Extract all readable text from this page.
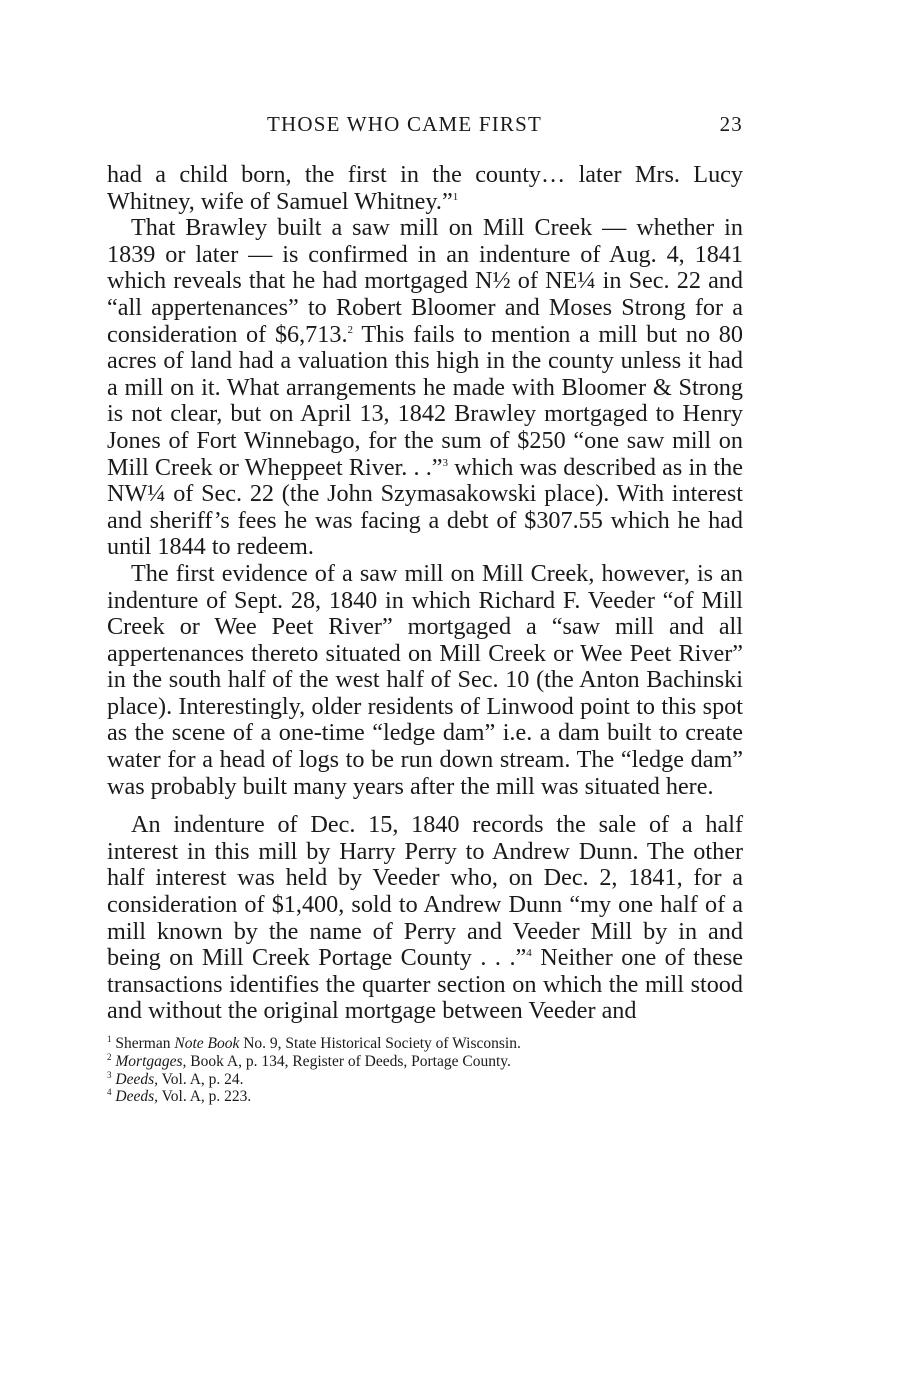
THOSE WHO CAME FIRST	23

had a child born, the first in the county… later Mrs. Lucy Whitney, wife of Samuel Whitney.”$^1$

That Brawley built a saw mill on Mill Creek — whether in 1839 or later — is confirmed in an indenture of Aug. 4, 1841 which reveals that he had mortgaged N½ of NE¼ in Sec. 22 and “all appertenances” to Robert Bloomer and Moses Strong for a consideration of $6,713.$^2$ This fails to mention a mill but no 80 acres of land had a valuation this high in the county unless it had a mill on it. What arrangements he made with Bloomer & Strong is not clear, but on April 13, 1842 Brawley mortgaged to Henry Jones of Fort Winnebago, for the sum of $250 “one saw mill on Mill Creek or Wheppeet River. . .”$^3$ which was described as in the NW¼ of Sec. 22 (the John Szymasakowski place). With interest and sheriff’s fees he was facing a debt of $307.55 which he had until 1844 to redeem.

The first evidence of a saw mill on Mill Creek, however, is an indenture of Sept. 28, 1840 in which Richard F. Veeder “of Mill Creek or Wee Peet River” mortgaged a “saw mill and all appertenances thereto situated on Mill Creek or Wee Peet River” in the south half of the west half of Sec. 10 (the Anton Bachinski place). Interestingly, older residents of Linwood point to this spot as the scene of a one-time “ledge dam” i.e. a dam built to create water for a head of logs to be run down stream. The “ledge dam” was probably built many years after the mill was situated here.

An indenture of Dec. 15, 1840 records the sale of a half interest in this mill by Harry Perry to Andrew Dunn. The other half interest was held by Veeder who, on Dec. 2, 1841, for a consideration of $1,400, sold to Andrew Dunn “my one half of a mill known by the name of Perry and Veeder Mill by in and being on Mill Creek Portage County . . .”$^4$ Neither one of these transactions identifies the quarter section on which the mill stood and without the original mortgage between Veeder and

$^1$ Sherman Note Book No. 9, State Historical Society of Wisconsin.
$^2$ Mortgages, Book A, p. 134, Register of Deeds, Portage County.
$^3$ Deeds, Vol. A, p. 24.
$^4$ Deeds, Vol. A, p. 223.
